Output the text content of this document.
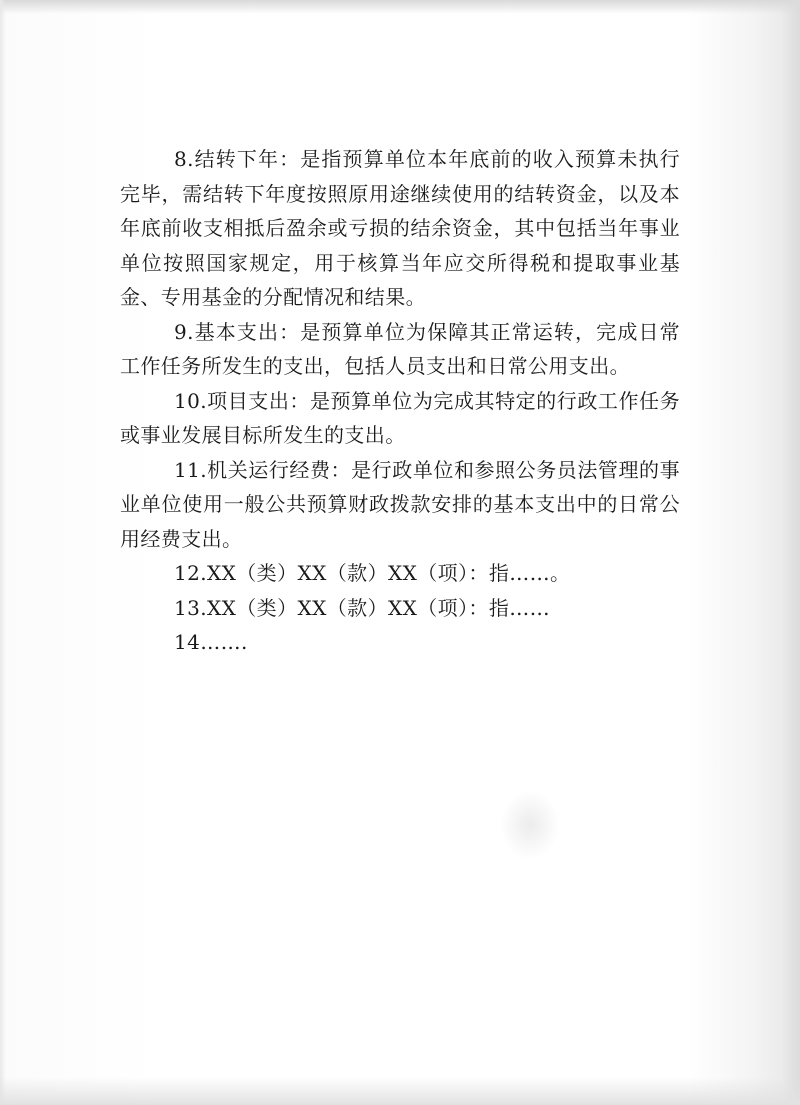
8.结转下年：是指预算单位本年底前的收入预算未执行完毕，需结转下年度按照原用途继续使用的结转资金，以及本年底前收支相抵后盈余或亏损的结余资金，其中包括当年事业单位按照国家规定，用于核算当年应交所得税和提取事业基金、专用基金的分配情况和结果。

9.基本支出：是预算单位为保障其正常运转，完成日常工作任务所发生的支出，包括人员支出和日常公用支出。

10.项目支出：是预算单位为完成其特定的行政工作任务或事业发展目标所发生的支出。

11.机关运行经费：是行政单位和参照公务员法管理的事业单位使用一般公共预算财政拨款安排的基本支出中的日常公用经费支出。

12.XX（类）XX（款）XX（项）：指……。

13.XX（类）XX（款）XX（项）：指……

14…….
